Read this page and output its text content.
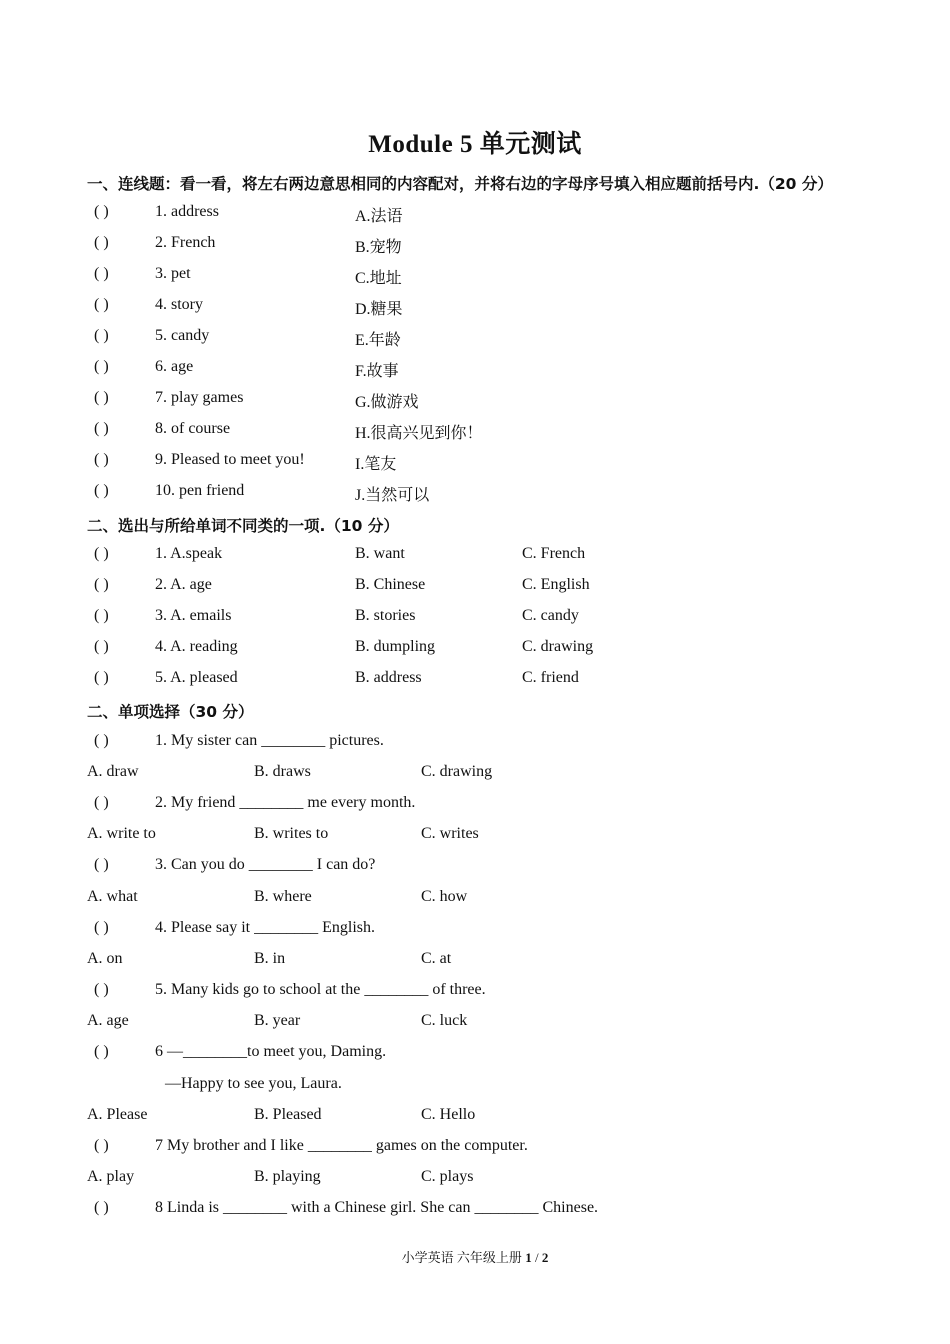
Module 5 单元测试
一、连线题：看一看，将左右两边意思相同的内容配对，并将右边的字母序号填入相应题前括号内.（20 分）
( )	1. address	A.法语
( )	2. French	B.宠物
( )	3. pet	C.地址
( )	4. story	D.糖果
( )	5. candy	E.年龄
( )	6. age	F.故事
( )	7. play games	G.做游戏
( )	8. of course	H.很高兴见到你！
( )	9. Pleased to meet you!	I.笔友
( )	10. pen friend	J.当然可以
二、选出与所给单词不同类的一项.（10 分）
( )	1. A.speak	B. want	C. French
( )	2. A. age	B. Chinese	C. English
( )	3. A. emails	B. stories	C. candy
( )	4. A. reading	B. dumpling	C. drawing
( )	5. A. pleased	B. address	C. friend
二、单项选择（30 分）
( )	1. My sister can ________ pictures.
A. draw	B. draws	C. drawing
( )	2. My friend ________ me every month.
A. write to	B. writes to	C. writes
( )	3. Can you do ________ I can do?
A. what	B. where	C. how
( )	4. Please say it ________ English.
A. on	B. in	C. at
( )	5. Many kids go to school at the ________ of three.
A. age	B. year	C. luck
( )	6 —________to meet you, Daming.
—Happy to see you, Laura.
A. Please	B. Pleased	C. Hello
( )	7 My brother and I like ________ games on the computer.
A. play	B. playing	C. plays
( )	8 Linda is ________ with a Chinese girl. She can ________ Chinese.
小学英语 六年级上册 1 / 2
